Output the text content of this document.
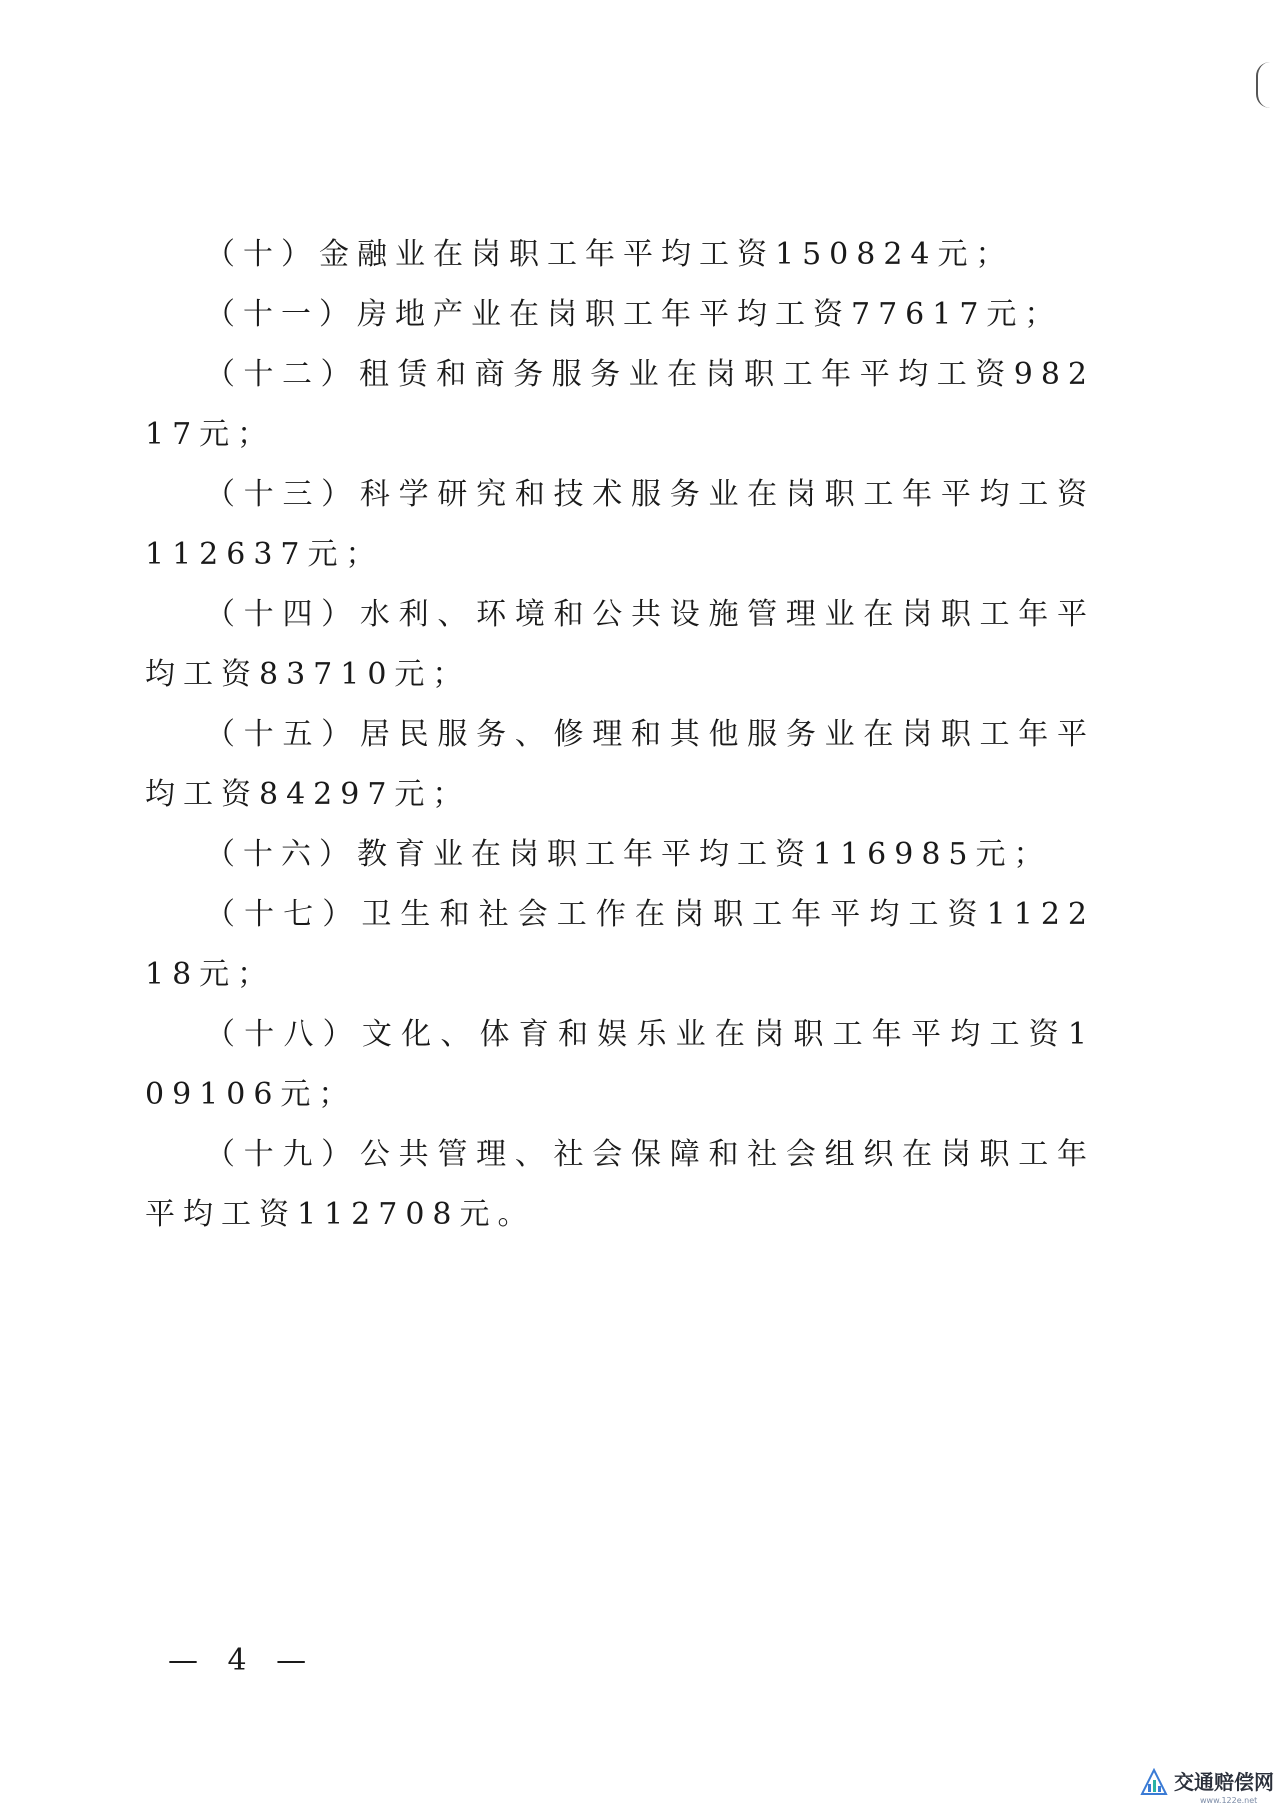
（十）金融业在岗职工年平均工资150824元；

（十一）房地产业在岗职工年平均工资77617元；

（十二）租赁和商务服务业在岗职工年平均工资98217元；

（十三）科学研究和技术服务业在岗职工年平均工资112637元；

（十四）水利、环境和公共设施管理业在岗职工年平均工资83710元；

（十五）居民服务、修理和其他服务业在岗职工年平均工资84297元；

（十六）教育业在岗职工年平均工资116985元；

（十七）卫生和社会工作在岗职工年平均工资112218元；

（十八）文化、体育和娱乐业在岗职工年平均工资109106元；

（十九）公共管理、社会保障和社会组织在岗职工年平均工资112708元。

— 4 —
交通赔偿网
www.122e.net
